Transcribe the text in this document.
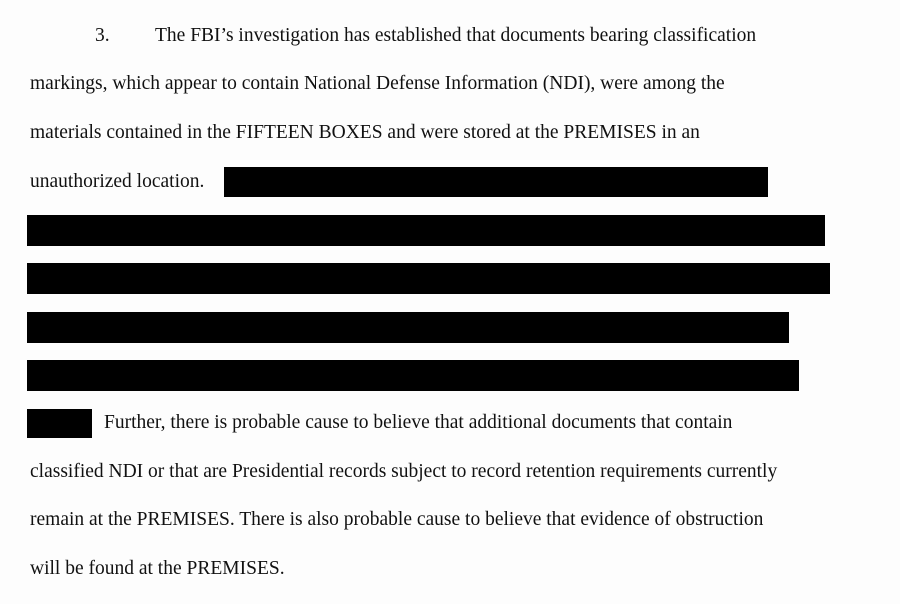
3. The FBI’s investigation has established that documents bearing classification
markings, which appear to contain National Defense Information (NDI), were among the
materials contained in the FIFTEEN BOXES and were stored at the PREMISES in an
unauthorized location.
Further, there is probable cause to believe that additional documents that contain
classified NDI or that are Presidential records subject to record retention requirements currently
remain at the PREMISES. There is also probable cause to believe that evidence of obstruction
will be found at the PREMISES.
